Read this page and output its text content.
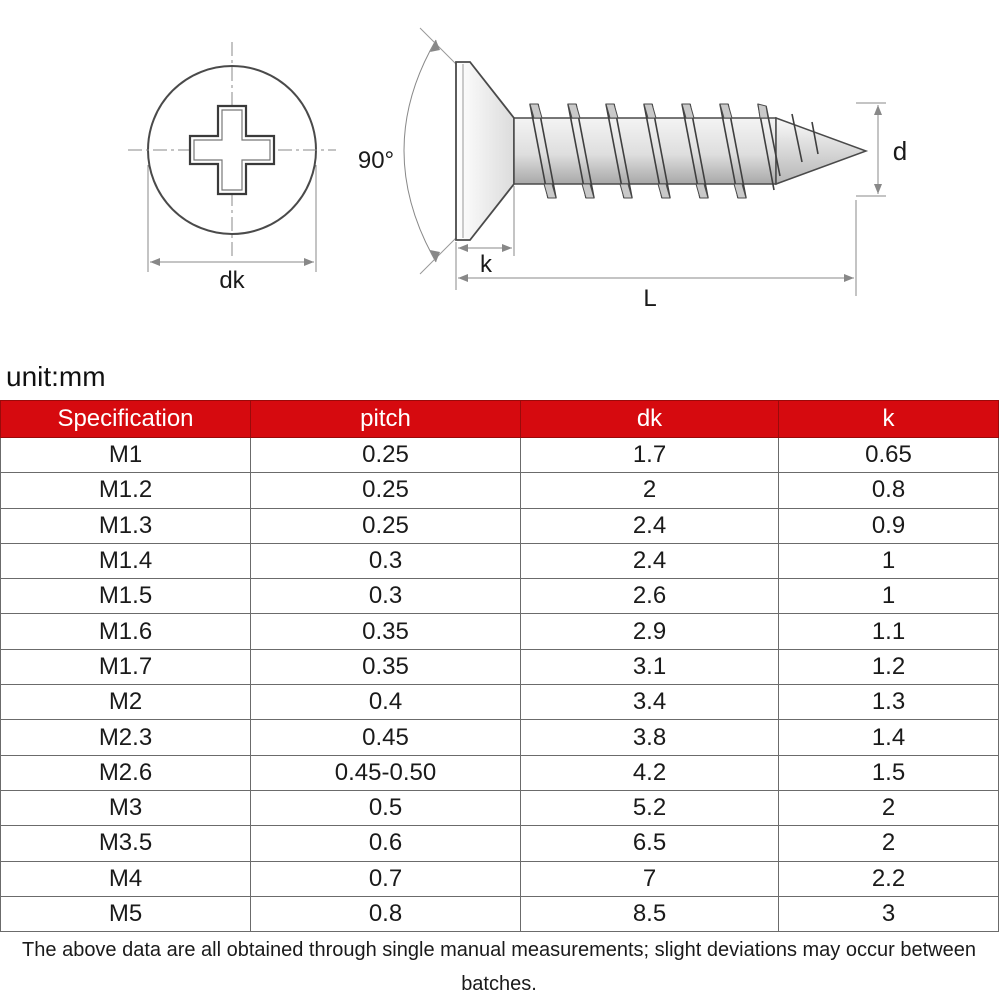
dk
90°	d
k
L
unit:mm
Specification	pitch	dk	k
M1	0.25	1.7	0.65
M1.2	0.25	2	0.8
M1.3	0.25	2.4	0.9
M1.4	0.3	2.4	1
M1.5	0.3	2.6	1
M1.6	0.35	2.9	1.1
M1.7	0.35	3.1	1.2
M2	0.4	3.4	1.3
M2.3	0.45	3.8	1.4
M2.6	0.45-0.50	4.2	1.5
M3	0.5	5.2	2
M3.5	0.6	6.5	2
M4	0.7	7	2.2
M5	0.8	8.5	3
The above data are all obtained through single manual measurements; slight deviations may occur between batches.
